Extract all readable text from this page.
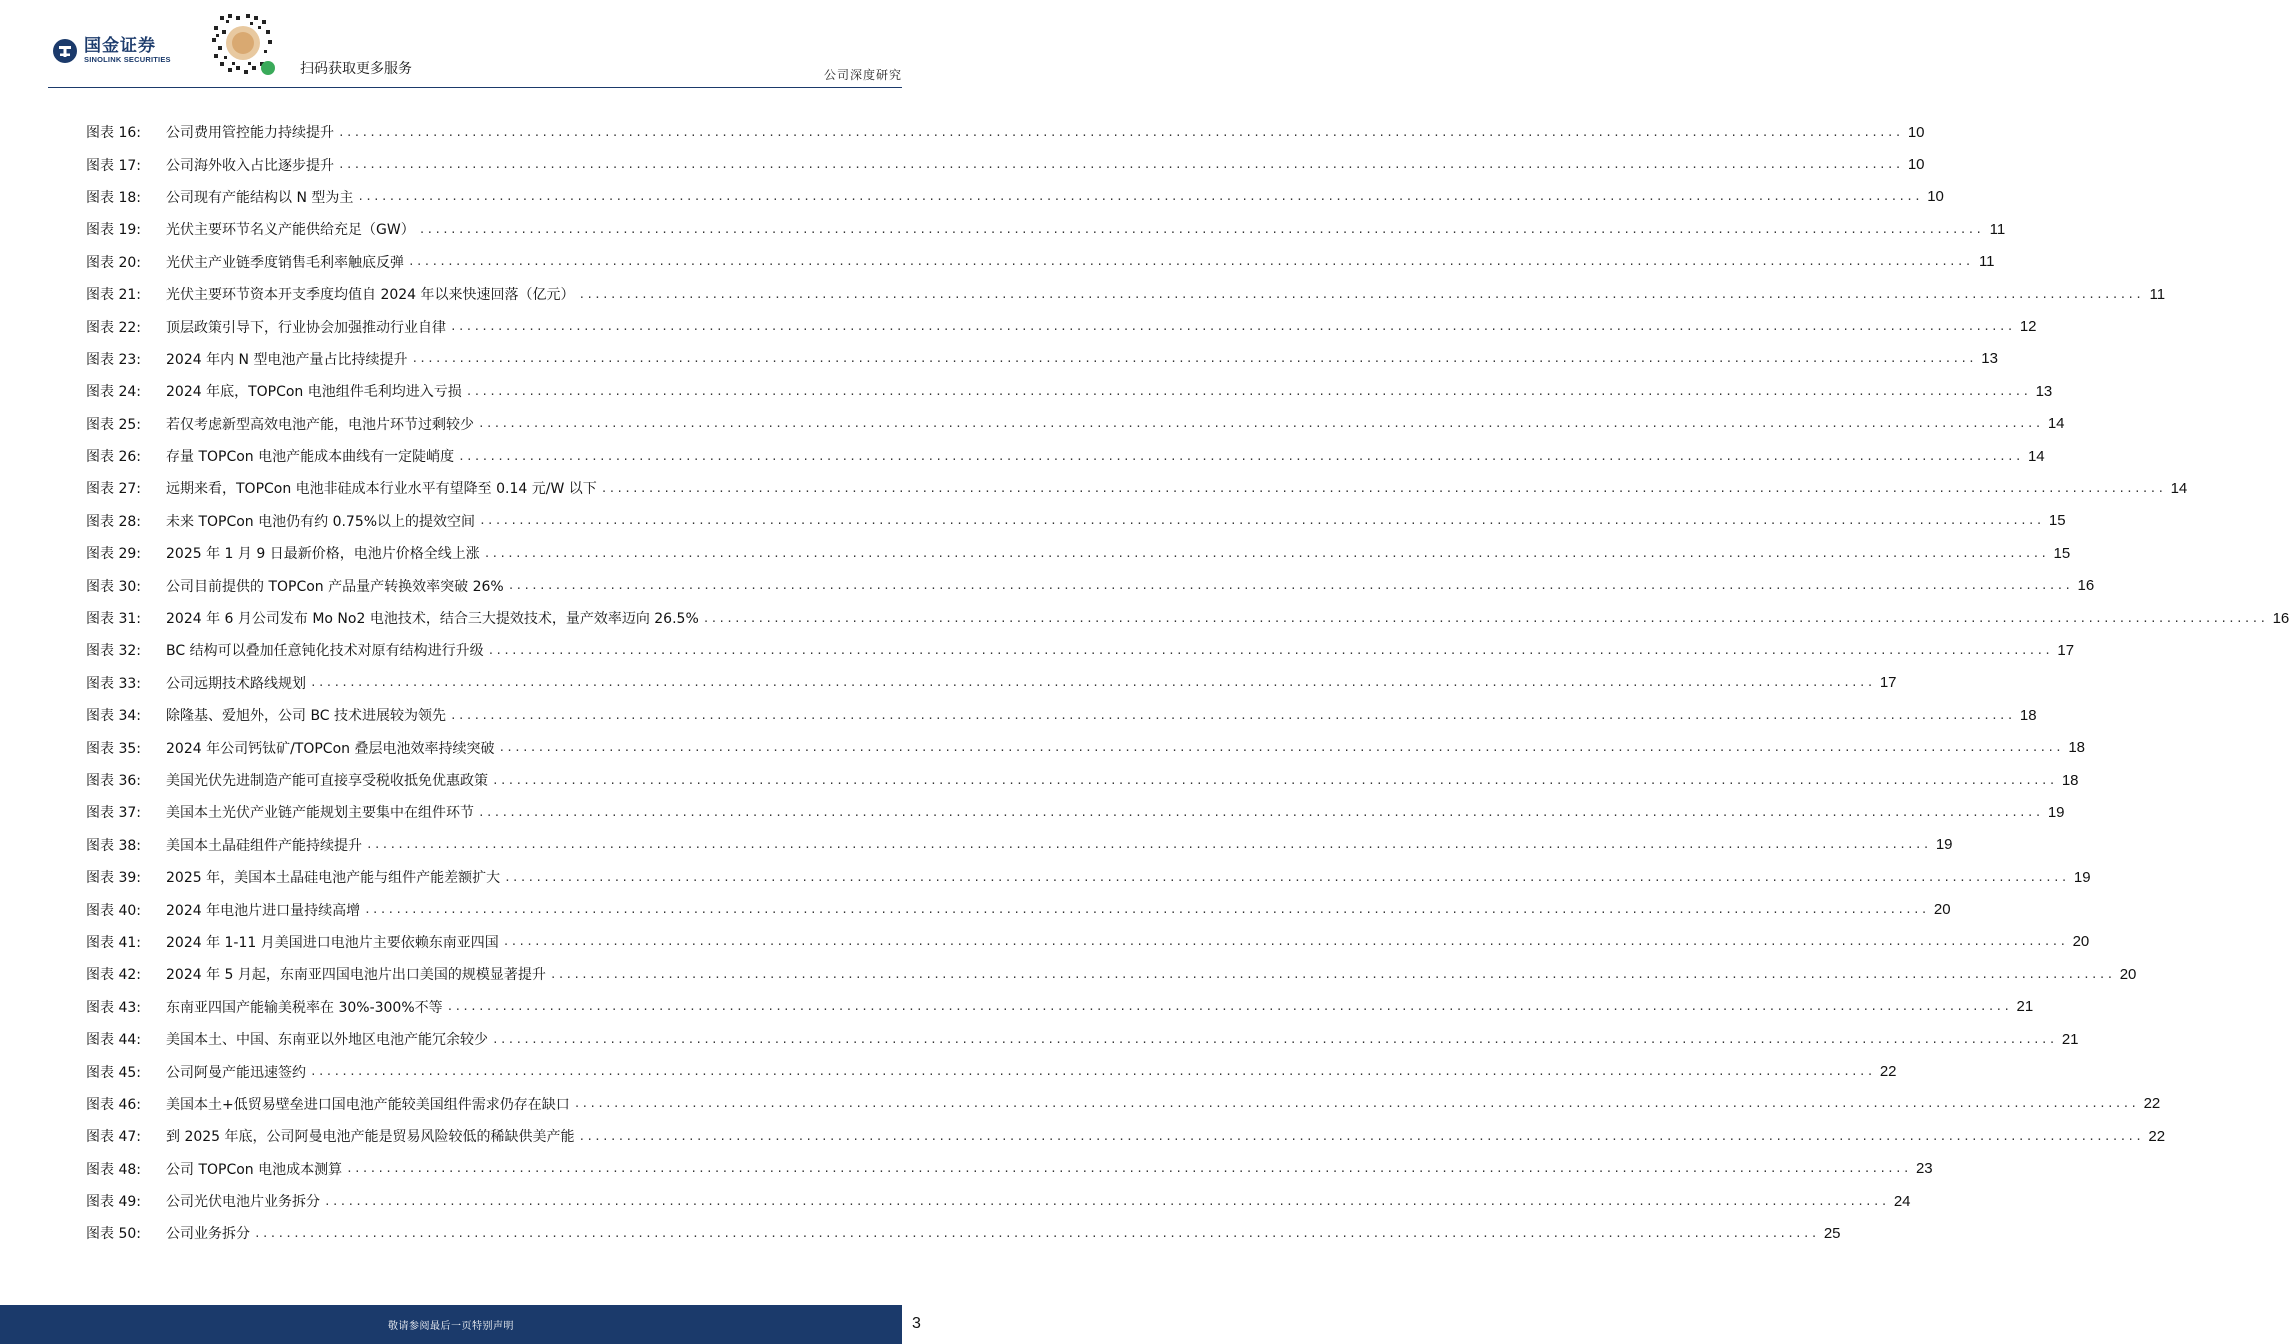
国金证券
SINOLINK SECURITIES
扫码获取更多服务	公司深度研究
图表 16:	公司费用管控能力持续提升 ........................................................................................................................................................................................................ 10
图表 17:	公司海外收入占比逐步提升 ........................................................................................................................................................................................................ 10
图表 18:	公司现有产能结构以 N 型为主 ........................................................................................................................................................................................................ 10
图表 19:	光伏主要环节名义产能供给充足（GW） ........................................................................................................................................................................................................ 11
图表 20:	光伏主产业链季度销售毛利率触底反弹 ........................................................................................................................................................................................................ 11
图表 21:	光伏主要环节资本开支季度均值自 2024 年以来快速回落（亿元） ........................................................................................................................................................................................................ 11
图表 22:	顶层政策引导下，行业协会加强推动行业自律 ........................................................................................................................................................................................................ 12
图表 23:	2024 年内 N 型电池产量占比持续提升 ........................................................................................................................................................................................................ 13
图表 24:	2024 年底，TOPCon 电池组件毛利均进入亏损 ........................................................................................................................................................................................................ 13
图表 25:	若仅考虑新型高效电池产能，电池片环节过剩较少 ........................................................................................................................................................................................................ 14
图表 26:	存量 TOPCon 电池产能成本曲线有一定陡峭度 ........................................................................................................................................................................................................ 14
图表 27:	远期来看，TOPCon 电池非硅成本行业水平有望降至 0.14 元/W 以下 ........................................................................................................................................................................................................ 14
图表 28:	未来 TOPCon 电池仍有约 0.75%以上的提效空间 ........................................................................................................................................................................................................ 15
图表 29:	2025 年 1 月 9 日最新价格，电池片价格全线上涨 ........................................................................................................................................................................................................ 15
图表 30:	公司目前提供的 TOPCon 产品量产转换效率突破 26% ........................................................................................................................................................................................................ 16
图表 31:	2024 年 6 月公司发布 Mo No2 电池技术，结合三大提效技术，量产效率迈向 26.5% ........................................................................................................................................................................................................ 16
图表 32:	BC 结构可以叠加任意钝化技术对原有结构进行升级 ........................................................................................................................................................................................................ 17
图表 33:	公司远期技术路线规划 ........................................................................................................................................................................................................ 17
图表 34:	除隆基、爱旭外，公司 BC 技术进展较为领先 ........................................................................................................................................................................................................ 18
图表 35:	2024 年公司钙钛矿/TOPCon 叠层电池效率持续突破 ........................................................................................................................................................................................................ 18
图表 36:	美国光伏先进制造产能可直接享受税收抵免优惠政策 ........................................................................................................................................................................................................ 18
图表 37:	美国本土光伏产业链产能规划主要集中在组件环节 ........................................................................................................................................................................................................ 19
图表 38:	美国本土晶硅组件产能持续提升 ........................................................................................................................................................................................................ 19
图表 39:	2025 年，美国本土晶硅电池产能与组件产能差额扩大 ........................................................................................................................................................................................................ 19
图表 40:	2024 年电池片进口量持续高增 ........................................................................................................................................................................................................ 20
图表 41:	2024 年 1-11 月美国进口电池片主要依赖东南亚四国 ........................................................................................................................................................................................................ 20
图表 42:	2024 年 5 月起，东南亚四国电池片出口美国的规模显著提升 ........................................................................................................................................................................................................ 20
图表 43:	东南亚四国产能输美税率在 30%-300%不等 ........................................................................................................................................................................................................ 21
图表 44:	美国本土、中国、东南亚以外地区电池产能冗余较少 ........................................................................................................................................................................................................ 21
图表 45:	公司阿曼产能迅速签约 ........................................................................................................................................................................................................ 22
图表 46:	美国本土+低贸易壁垒进口国电池产能较美国组件需求仍存在缺口 ........................................................................................................................................................................................................ 22
图表 47:	到 2025 年底，公司阿曼电池产能是贸易风险较低的稀缺供美产能 ........................................................................................................................................................................................................ 22
图表 48:	公司 TOPCon 电池成本测算 ........................................................................................................................................................................................................ 23
图表 49:	公司光伏电池片业务拆分 ........................................................................................................................................................................................................ 24
图表 50:	公司业务拆分 ........................................................................................................................................................................................................ 25
敬请参阅最后一页特别声明	3
